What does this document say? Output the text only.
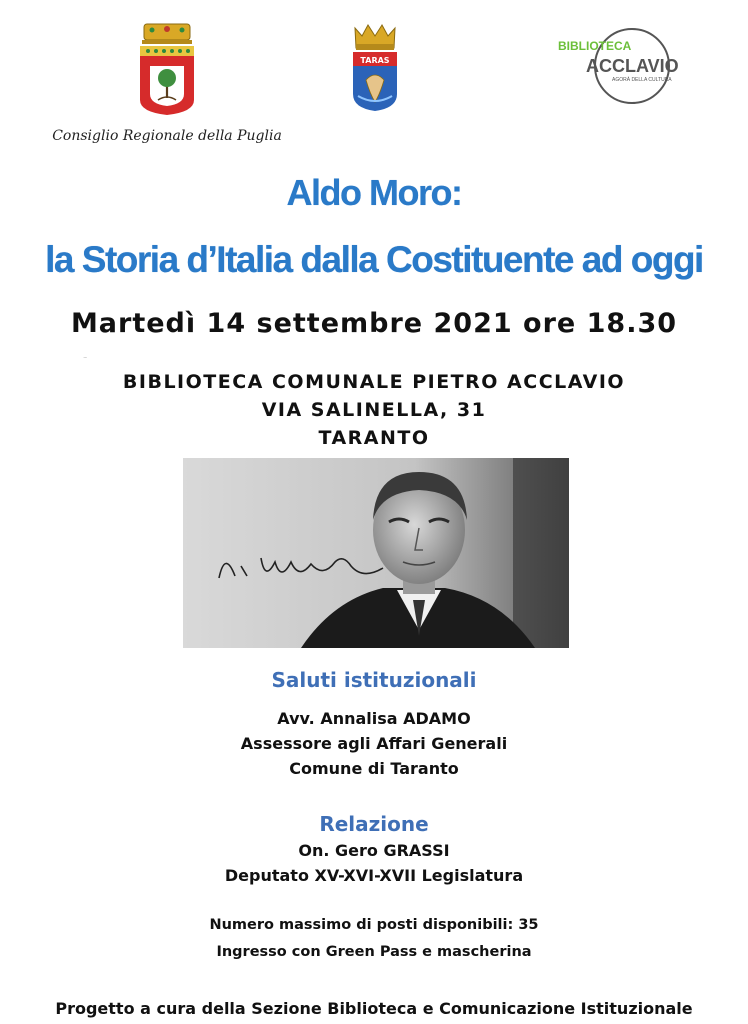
Consiglio Regionale della Puglia
TARAS
BIBLIOTECA
ACCLAVIO
AGORÀ DELLA CULTURA
Aldo Moro:
la Storia d’Italia dalla Costituente ad oggi
Martedì 14 settembre 2021 ore 18.30
BIBLIOTECA COMUNALE PIETRO ACCLAVIO
VIA SALINELLA, 31
TARANTO
A. Moro
Saluti istituzionali
Avv. Annalisa ADAMO
Assessore agli Affari Generali
Comune di Taranto
Relazione
On. Gero GRASSI
Deputato XV-XVI-XVII Legislatura
Numero massimo di posti disponibili: 35
Ingresso con Green Pass e mascherina
Progetto a cura della Sezione Biblioteca e Comunicazione Istituzionale
